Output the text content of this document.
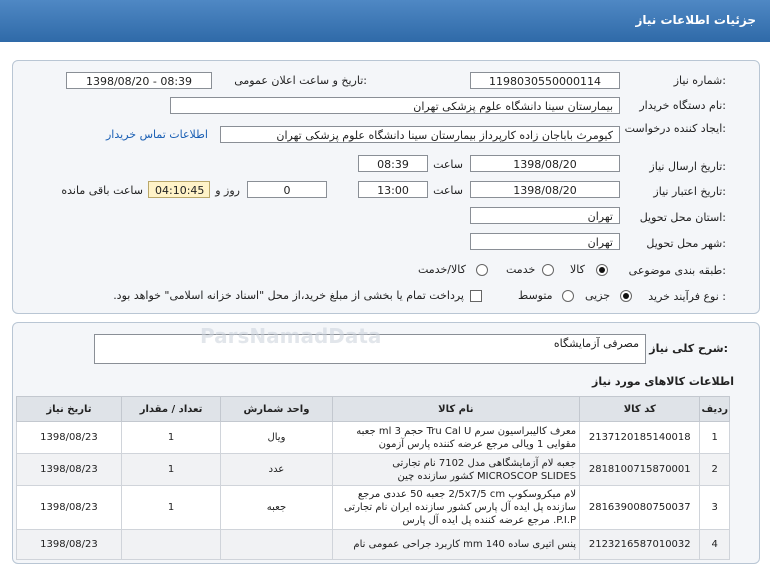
جزئیات اطلاعات نیاز
شماره نیاز:
1198030550000114
تاریخ و ساعت اعلان عمومی:
1398/08/20 - 08:39
نام دستگاه خریدار:
بیمارستان سینا دانشگاه علوم پزشکی تهران
ایجاد کننده درخواست:
کیومرث باباجان زاده کارپرداز بیمارستان سینا دانشگاه علوم پزشکی تهران
اطلاعات تماس خریدار
تاریخ ارسال نیاز:
1398/08/20
ساعت
08:39
تاریخ اعتبار نیاز:
1398/08/20
ساعت
13:00
0
روز و
04:10:45
ساعت باقی مانده
استان محل تحویل:
تهران
شهر محل تحویل:
تهران
طبقه بندی موضوعی:
کالا
خدمت
کالا/خدمت
نوع فرآیند خرید :
جزیی
متوسط
پرداخت تمام یا بخشی از مبلغ خرید،از محل "اسناد خزانه اسلامی" خواهد بود.
شرح کلی نیاز:
مصرفی آزمایشگاه
ParsNamadData
اطلاعات کالاهای مورد نیاز
ردیف	کد کالا	نام کالا	واحد شمارش	تعداد / مقدار	تاریخ نیاز
1	2137120185140018	معرف کالیبراسیون سرم Tru Cal U حجم 3 ml جعبه مقوایی 1 ویالی مرجع عرضه کننده پارس آزمون	ویال	1	1398/08/23
2	2818100715870001	جعبه لام آزمایشگاهی مدل 7102 نام تجارتی MICROSCOP SLIDES کشور سازنده چین	عدد	1	1398/08/23
3	2816390080750037	لام میکروسکوپ 2/5x7/5 cm جعبه 50 عددی مرجع سازنده پل ایده آل پارس کشور سازنده ایران نام تجارتی P.I.P. مرجع عرضه کننده پل ایده آل پارس	جعبه	1	1398/08/23
4	2123216587010032	پنس اتیری ساده 140 mm کاربرد جراحی عمومی نام			1398/08/23
